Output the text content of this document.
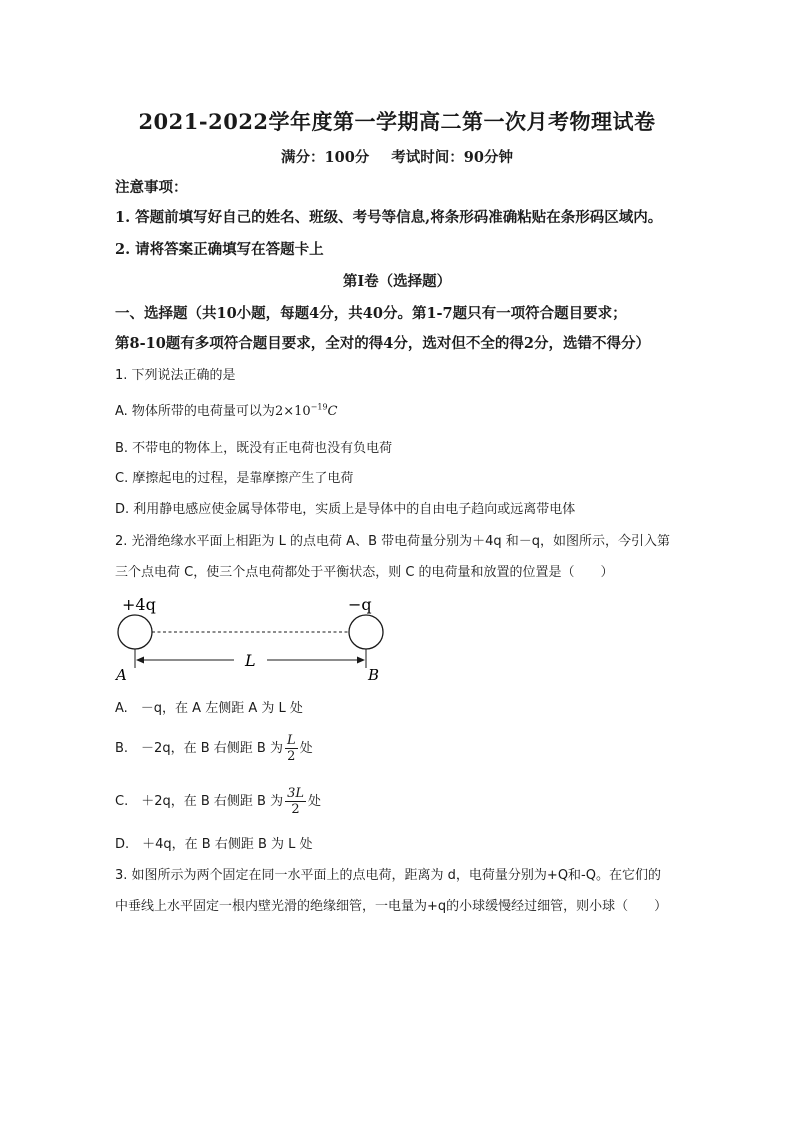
2021-2022学年度第一学期高二第一次月考物理试卷
满分：100分 考试时间：90分钟
注意事项：
1. 答题前填写好自己的姓名、班级、考号等信息,将条形码准确粘贴在条形码区域内。
2. 请将答案正确填写在答题卡上
第I卷（选择题）
一、选择题（共10小题，每题4分，共40分。第1-7题只有一项符合题目要求；
第8-10题有多项符合题目要求，全对的得4分，选对但不全的得2分，选错不得分）
1. 下列说法正确的是
A. 物体所带的电荷量可以为$2\times 10^{-19}C$
B. 不带电的物体上，既没有正电荷也没有负电荷
C. 摩擦起电的过程，是靠摩擦产生了电荷
D. 利用静电感应使金属导体带电，实质上是导体中的自由电子趋向或远离带电体
2. 光滑绝缘水平面上相距为 L 的点电荷 A、B 带电荷量分别为＋4q 和－q，如图所示，今引入第
三个点电荷 C，使三个点电荷都处于平衡状态，则 C 的电荷量和放置的位置是（　　）
+4q	−q
L
A	B
A.　－q，在 A 左侧距 A 为 L 处
B.　－2q，在 B 右侧距 B 为 $\frac{L}{2}$ 处
C.　＋2q，在 B 右侧距 B 为 $\frac{3L}{2}$ 处
D.　＋4q，在 B 右侧距 B 为 L 处
3. 如图所示为两个固定在同一水平面上的点电荷，距离为 d，电荷量分别为+Q和-Q。在它们的
中垂线上水平固定一根内壁光滑的绝缘细管，一电量为+q的小球缓慢经过细管，则小球（　　）
